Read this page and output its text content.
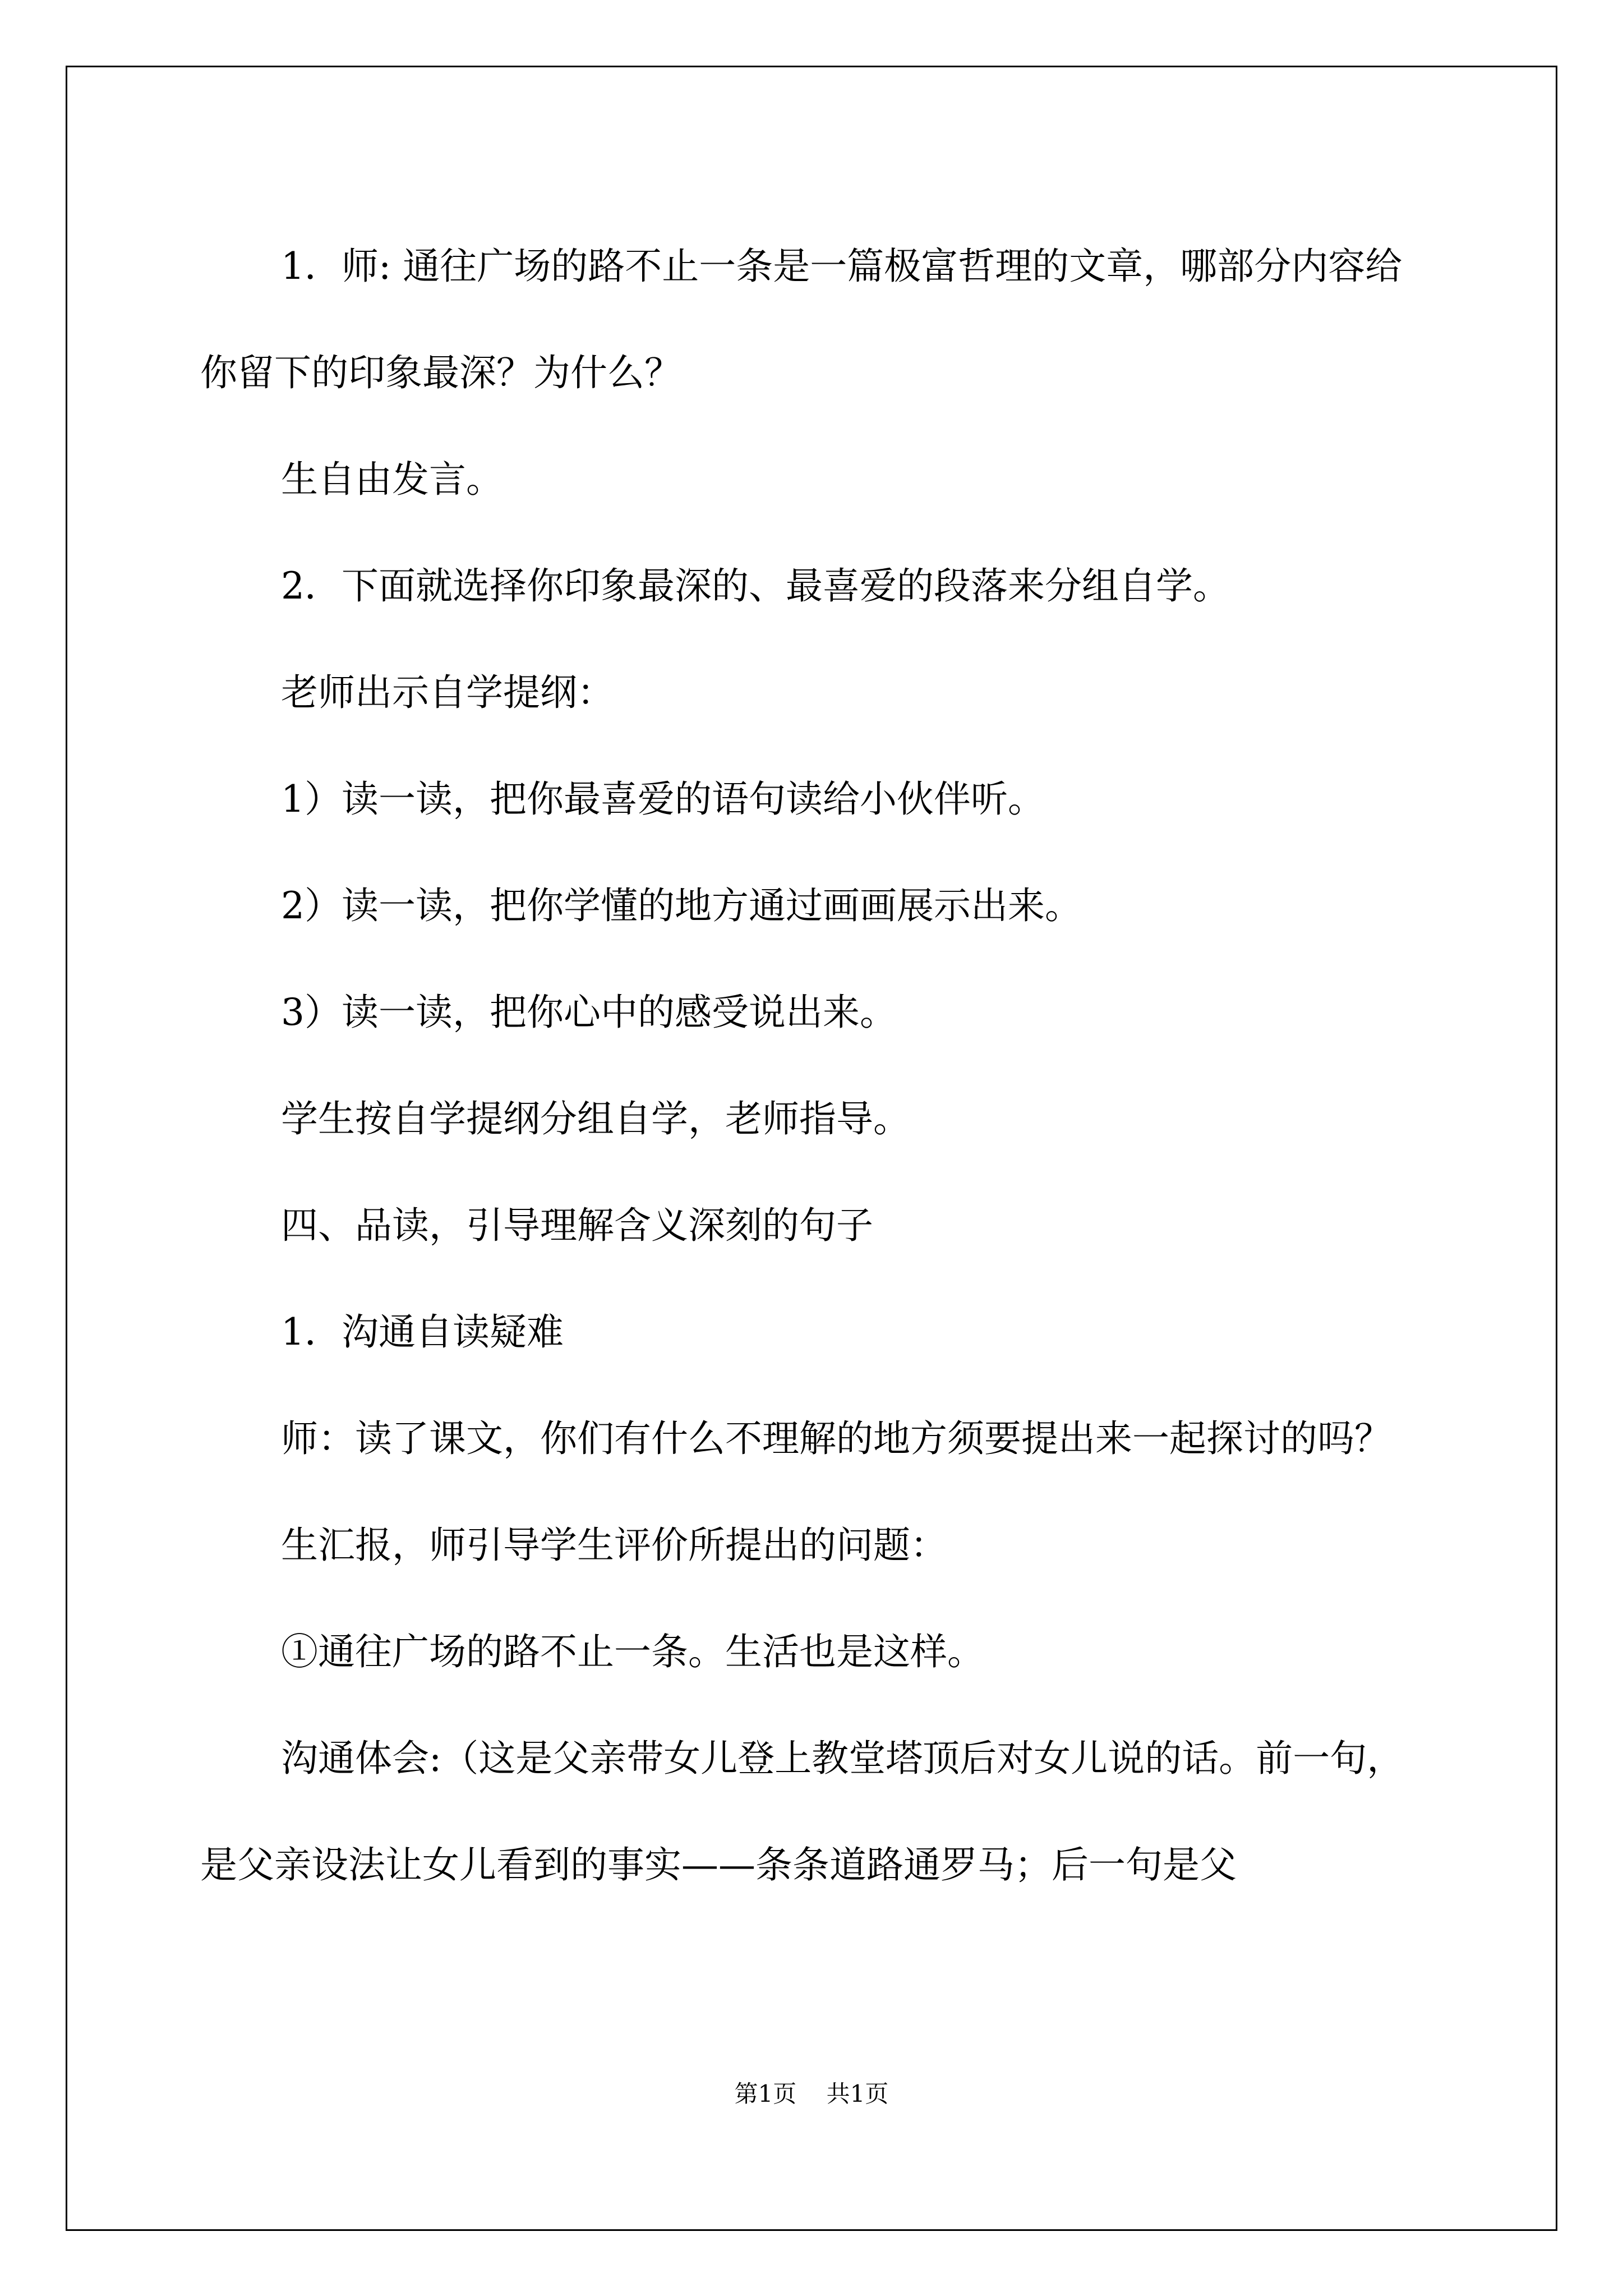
1．师: 通往广场的路不止一条是一篇极富哲理的文章，哪部分内容给你留下的印象最深？为什么？

生自由发言。

2．下面就选择你印象最深的、最喜爱的段落来分组自学。

老师出示自学提纲：

1）读一读，把你最喜爱的语句读给小伙伴听。

2）读一读，把你学懂的地方通过画画展示出来。

3）读一读，把你心中的感受说出来。

学生按自学提纲分组自学，老师指导。

四、品读，引导理解含义深刻的句子

1．沟通自读疑难

师：读了课文，你们有什么不理解的地方须要提出来一起探讨的吗？

生汇报，师引导学生评价所提出的问题：

①通往广场的路不止一条。生活也是这样。

沟通体会:（这是父亲带女儿登上教堂塔顶后对女儿说的话。前一句，是父亲设法让女儿看到的事实——条条道路通罗马；后一句是父

第1页 共1页
